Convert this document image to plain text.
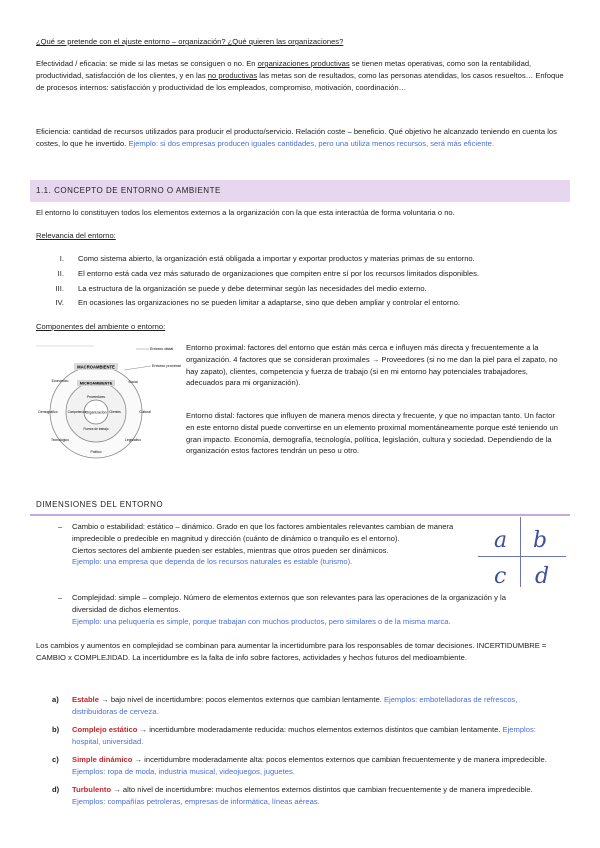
¿Qué se pretende con el ajuste entorno – organización? ¿Qué quieren las organizaciones?

Efectividad / eficacia: se mide si las metas se consiguen o no. En organizaciones productivas se tienen metas operativas, como son la rentabilidad, productividad, satisfacción de los clientes, y en las no productivas las metas son de resultados, como las personas atendidas, los casos resueltos… Enfoque de procesos internos: satisfacción y productividad de los empleados, compromiso, motivación, coordinación…

Eficiencia: cantidad de recursos utilizados para producir el producto/servicio. Relación coste – beneficio. Qué objetivo he alcanzado teniendo en cuenta los costes, lo que he invertido. Ejemplo: si dos empresas producen iguales cantidades, pero una utiliza menos recursos, será más eficiente.

1.1. CONCEPTO DE ENTORNO O AMBIENTE

El entorno lo constituyen todos los elementos externos a la organización con la que esta interactúa de forma voluntaria o no.

Relevancia del entorno:

I. Como sistema abierto, la organización está obligada a importar y exportar productos y materias primas de su entorno.
II. El entorno está cada vez más saturado de organizaciones que compiten entre sí por los recursos limitados disponibles.
III. La estructura de la organización se puede y debe determinar según las necesidades del medio externo.
IV. En ocasiones las organizaciones no se pueden limitar a adaptarse, sino que deben ampliar y controlar el entorno.

Componentes del ambiente o entorno:

MACROAMBIENTE
MICROAMBIENTE
Organización
Económico	Social
Demográfico	Cultural
Tecnológico	Legislativo
Político
Proveedores
Competencia	Clientes
Fuerza de trabajo
Entorno distal
Entorno proximal

Entorno proximal: factores del entorno que están más cerca e influyen más directa y frecuentemente a la organización. 4 factores que se consideran proximales → Proveedores (si no me dan la piel para el zapato, no hay zapato), clientes, competencia y fuerza de trabajo (si en mi entorno hay potenciales trabajadores, adecuados para mi organización).

Entorno distal: factores que influyen de manera menos directa y frecuente, y que no impactan tanto. Un factor en este entorno distal puede convertirse en un elemento proximal momentáneamente porque esté teniendo un gran impacto. Economía, demografía, tecnología, política, legislación, cultura y sociedad. Dependiendo de la organización estos factores tendrán un peso u otro.

DIMENSIONES DEL ENTORNO
– Cambio o estabilidad: estático – dinámico. Grado en que los factores ambientales relevantes cambian de manera impredecible o predecible en magnitud y dirección (cuánto de dinámico o tranquilo es el entorno).
Ciertos sectores del ambiente pueden ser estables, mientras que otros pueden ser dinámicos.
Ejemplo: una empresa que dependa de los recursos naturales es estable (turismo).

– Complejidad: simple – complejo. Número de elementos externos que son relevantes para las operaciones de la organización y la diversidad de dichos elementos.
Ejemplo: una peluquería es simple, porque trabajan con muchos productos, pero similares o de la misma marca.

a b
c d

Los cambios y aumentos en complejidad se combinan para aumentar la incertidumbre para los responsables de tomar decisiones. INCERTIDUMBRE = CAMBIO x COMPLEJIDAD. La incertidumbre es la falta de info sobre factores, actividades y hechos futuros del medioambiente.

a)	Estable → bajo nivel de incertidumbre: pocos elementos externos que cambian lentamente. Ejemplos: embotelladoras de refrescos, distribuidoras de cerveza.

b)	Complejo estático → incertidumbre moderadamente reducida: muchos elementos externos distintos que cambian lentamente. Ejemplos: hospital, universidad.

c)	Simple dinámico → incertidumbre moderadamente alta: pocos elementos externos que cambian frecuentemente y de manera impredecible. Ejemplos: ropa de moda, industria musical, videojuegos, juguetes.

d)	Turbulento → alto nivel de incertidumbre: muchos elementos externos distintos que cambian frecuentemente y de manera impredecible. Ejemplos: compañías petroleras, empresas de informática, líneas aéreas.
